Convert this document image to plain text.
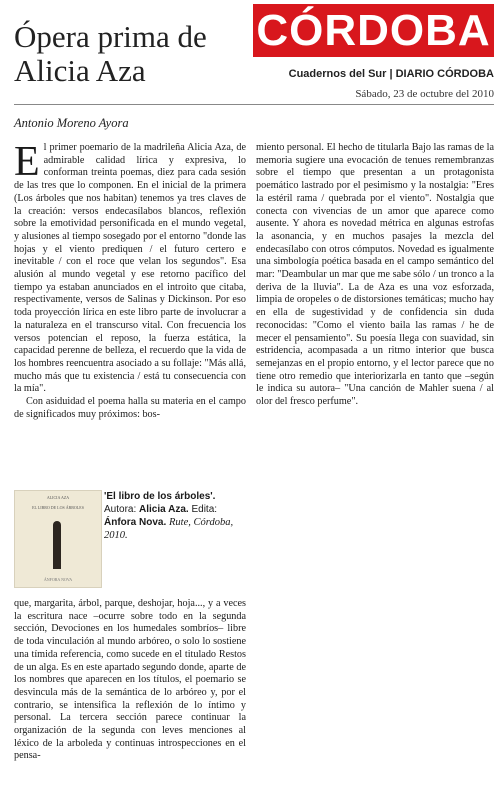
Ópera prima de Alicia Aza
CÓRDOBA
Cuadernos del Sur | DIARIO CÓRDOBA
Sábado, 23 de octubre del 2010
Antonio Moreno Ayora

El primer poemario de la madrileña Alicia Aza, de admirable calidad lírica y expresiva, lo conforman treinta poemas, diez para cada sesión de las tres que lo componen. En el inicial de la primera (Los árboles que nos habitan) tenemos ya tres claves de la creación: versos endecasílabos blancos, reflexión sobre la emotividad personificada en el mundo vegetal, y alusiones al tiempo sosegado por el entorno "donde las hojas y el viento prediquen / el futuro certero e inevitable / con el roce que velan los segundos". Esa alusión al mundo vegetal y ese retorno pacífico del tiempo ya estaban anunciados en el introito que citaba, respectivamente, versos de Salinas y Dickinson. Por eso toda proyección lírica en este libro parte de involucrar a la naturaleza en el transcurso vital. Con frecuencia los versos potencian el reposo, la fuerza estática, la capacidad perenne de belleza, el recuerdo que la vida de los hombres reencuentra asociado a su follaje: "Más allá, mucho más que tu existencia / está tu consecuencia con la mía".

Con asiduidad el poema halla su materia en el campo de significados muy próximos: bos-

ALICIA AZA
EL LIBRO DE LOS ÁRBOLES
ÁNFORA NOVA
'El libro de los árboles'. Autora: Alicia Aza. Edita: Ánfora Nova. Rute, Córdoba, 2010.

que, margarita, árbol, parque, deshojar, hoja..., y a veces la escritura nace –ocurre sobre todo en la segunda sección, Devociones en los humedales sombríos– libre de toda vinculación al mundo arbóreo, o solo lo sostiene una tímida referencia, como sucede en el titulado Restos de un alga. Es en este apartado segundo donde, aparte de los nombres que aparecen en los títulos, el poemario se desvincula más de la semántica de lo arbóreo y, por el contrario, se intensifica la reflexión de lo íntimo y personal. La tercera sección parece continuar la organización de la segunda con leves menciones al léxico de la arboleda y continuas introspecciones en el pensa-

miento personal. El hecho de titularla Bajo las ramas de la memoria sugiere una evocación de tenues remembranzas sobre el tiempo que presentan a un protagonista poemático lastrado por el pesimismo y la nostalgia: "Eres la estéril rama / quebrada por el viento". Nostalgia que conecta con vivencias de un amor que aparece como ausente. Y ahora es novedad métrica en algunas estrofas la asonancia, y en muchos pasajes la mezcla del endecasílabo con otros cómputos. Novedad es igualmente una simbología poética basada en el campo semántico del mar: "Deambular un mar que me sabe sólo / un tronco a la deriva de la lluvia". La de Aza es una voz esforzada, limpia de oropeles o de distorsiones temáticas; mucho hay en ella de sugestividad y de confidencia sin duda reconocidas: "Como el viento baila las ramas / he de mecer el pensamiento". Su poesía llega con suavidad, sin estridencia, acompasada a un ritmo interior que busca semejanzas en el propio entorno, y el lector parece que no tiene otro remedio que interiorizarla en tanto que –según le indica su autora– "Una canción de Mahler suena / al olor del fresco perfume".
